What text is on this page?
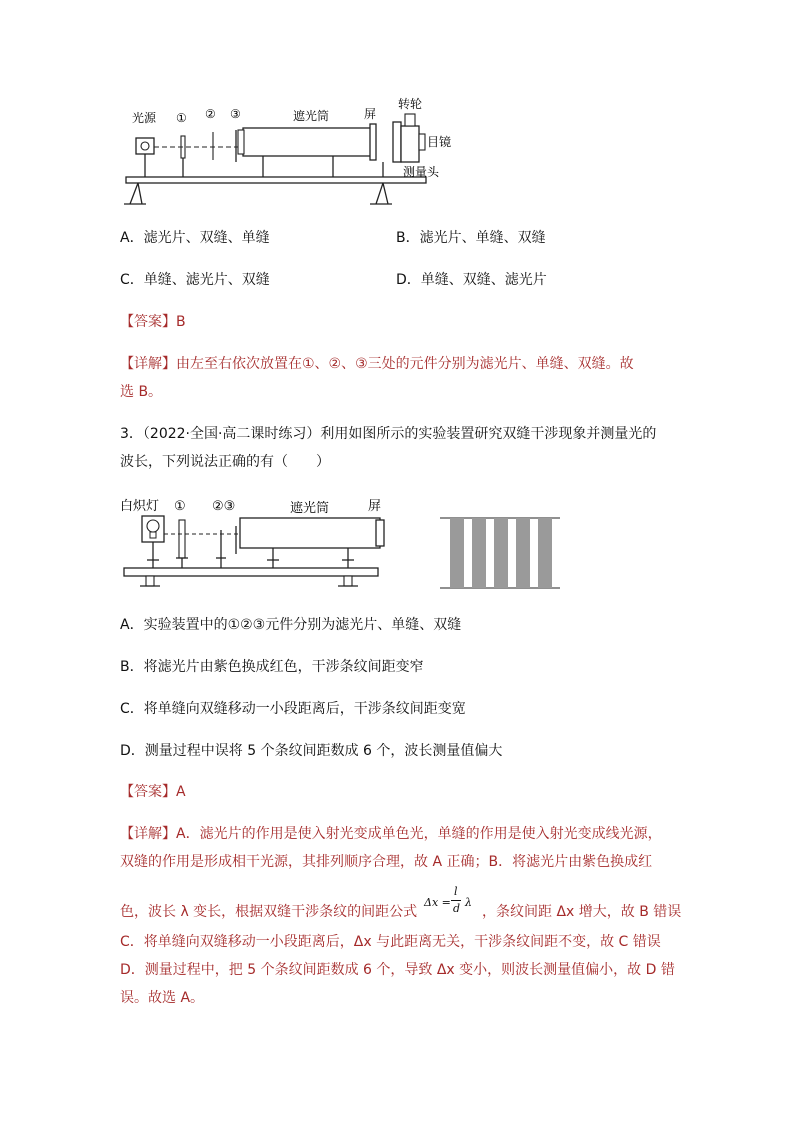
光源 ① ② ③	遮光筒	屏
转轮
目镜
测量头
A．滤光片、双缝、单缝	B．滤光片、单缝、双缝
C．单缝、滤光片、双缝	D．单缝、双缝、滤光片
【答案】B
【详解】由左至右依次放置在①、②、③三处的元件分别为滤光片、单缝、双缝。故
选 B。
3．（2022·全国·高二课时练习）利用如图所示的实验装置研究双缝干涉现象并测量光的
波长，下列说法正确的有（　　）
白炽灯 ① ②③	遮光筒	屏
A．实验装置中的①②③元件分别为滤光片、单缝、双缝
B．将滤光片由紫色换成红色，干涉条纹间距变窄
C．将单缝向双缝移动一小段距离后，干涉条纹间距变宽
D．测量过程中误将 5 个条纹间距数成 6 个，波长测量值偏大
【答案】A
【详解】A．滤光片的作用是使入射光变成单色光，单缝的作用是使入射光变成线光源，
双缝的作用是形成相干光源，其排列顺序合理，故 A 正确；B．将滤光片由紫色换成红
色，波长 λ 变长，根据双缝干涉条纹的间距公式
Δx =
l
d λ
，条纹间距 Δx 增大，故 B 错误
C．将单缝向双缝移动一小段距离后，Δx 与此距离无关，干涉条纹间距不变，故 C 错误
D．测量过程中，把 5 个条纹间距数成 6 个，导致 Δx 变小，则波长测量值偏小，故 D 错
误。故选 A。
